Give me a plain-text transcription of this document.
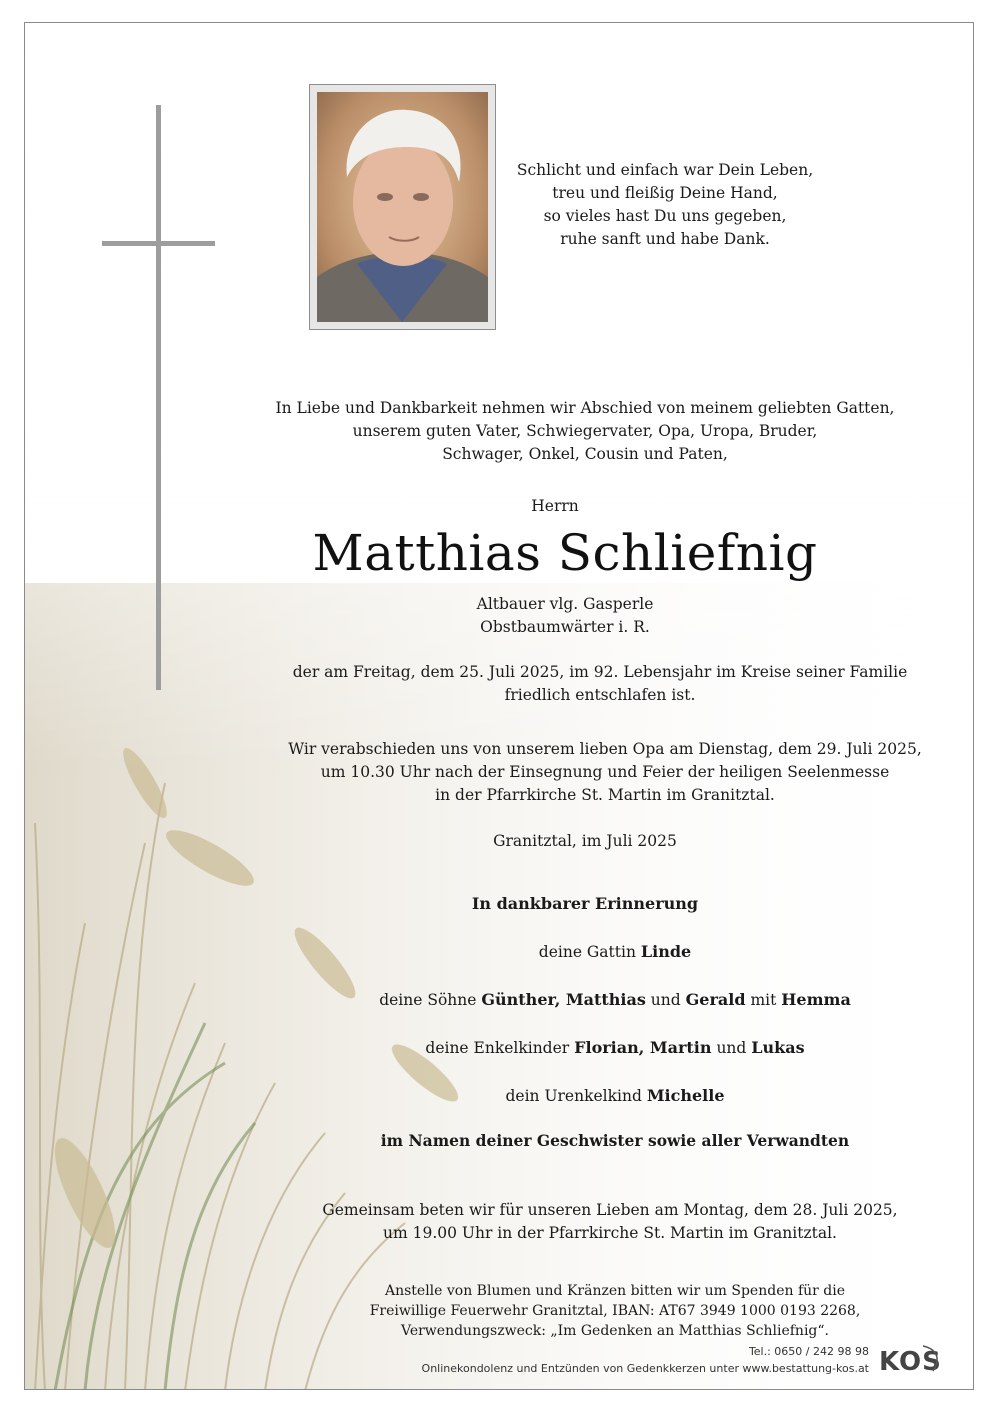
Schlicht und einfach war Dein Leben,
treu und fleißig Deine Hand,
so vieles hast Du uns gegeben,
ruhe sanft und habe Dank.
In Liebe und Dankbarkeit nehmen wir Abschied von meinem geliebten Gatten,
unserem guten Vater, Schwiegervater, Opa, Uropa, Bruder,
Schwager, Onkel, Cousin und Paten,
Herrn
Matthias Schliefnig
Altbauer vlg. Gasperle
Obstbaumwärter i. R.
der am Freitag, dem 25. Juli 2025, im 92. Lebensjahr im Kreise seiner Familie
friedlich entschlafen ist.
Wir verabschieden uns von unserem lieben Opa am Dienstag, dem 29. Juli 2025,
um 10.30 Uhr nach der Einsegnung und Feier der heiligen Seelenmesse
in der Pfarrkirche St. Martin im Granitztal.
Granitztal, im Juli 2025
In dankbarer Erinnerung
deine Gattin Linde
deine Söhne Günther, Matthias und Gerald mit Hemma
deine Enkelkinder Florian, Martin und Lukas
dein Urenkelkind Michelle
im Namen deiner Geschwister sowie aller Verwandten
Gemeinsam beten wir für unseren Lieben am Montag, dem 28. Juli 2025,
um 19.00 Uhr in der Pfarrkirche St. Martin im Granitztal.
Anstelle von Blumen und Kränzen bitten wir um Spenden für die
Freiwillige Feuerwehr Granitztal, IBAN: AT67 3949 1000 0193 2268,
Verwendungszweck: „Im Gedenken an Matthias Schliefnig“.
Tel.: 0650 / 242 98 98
Onlinekondolenz und Entzünden von Gedenkkerzen unter www.bestattung-kos.at KOS
